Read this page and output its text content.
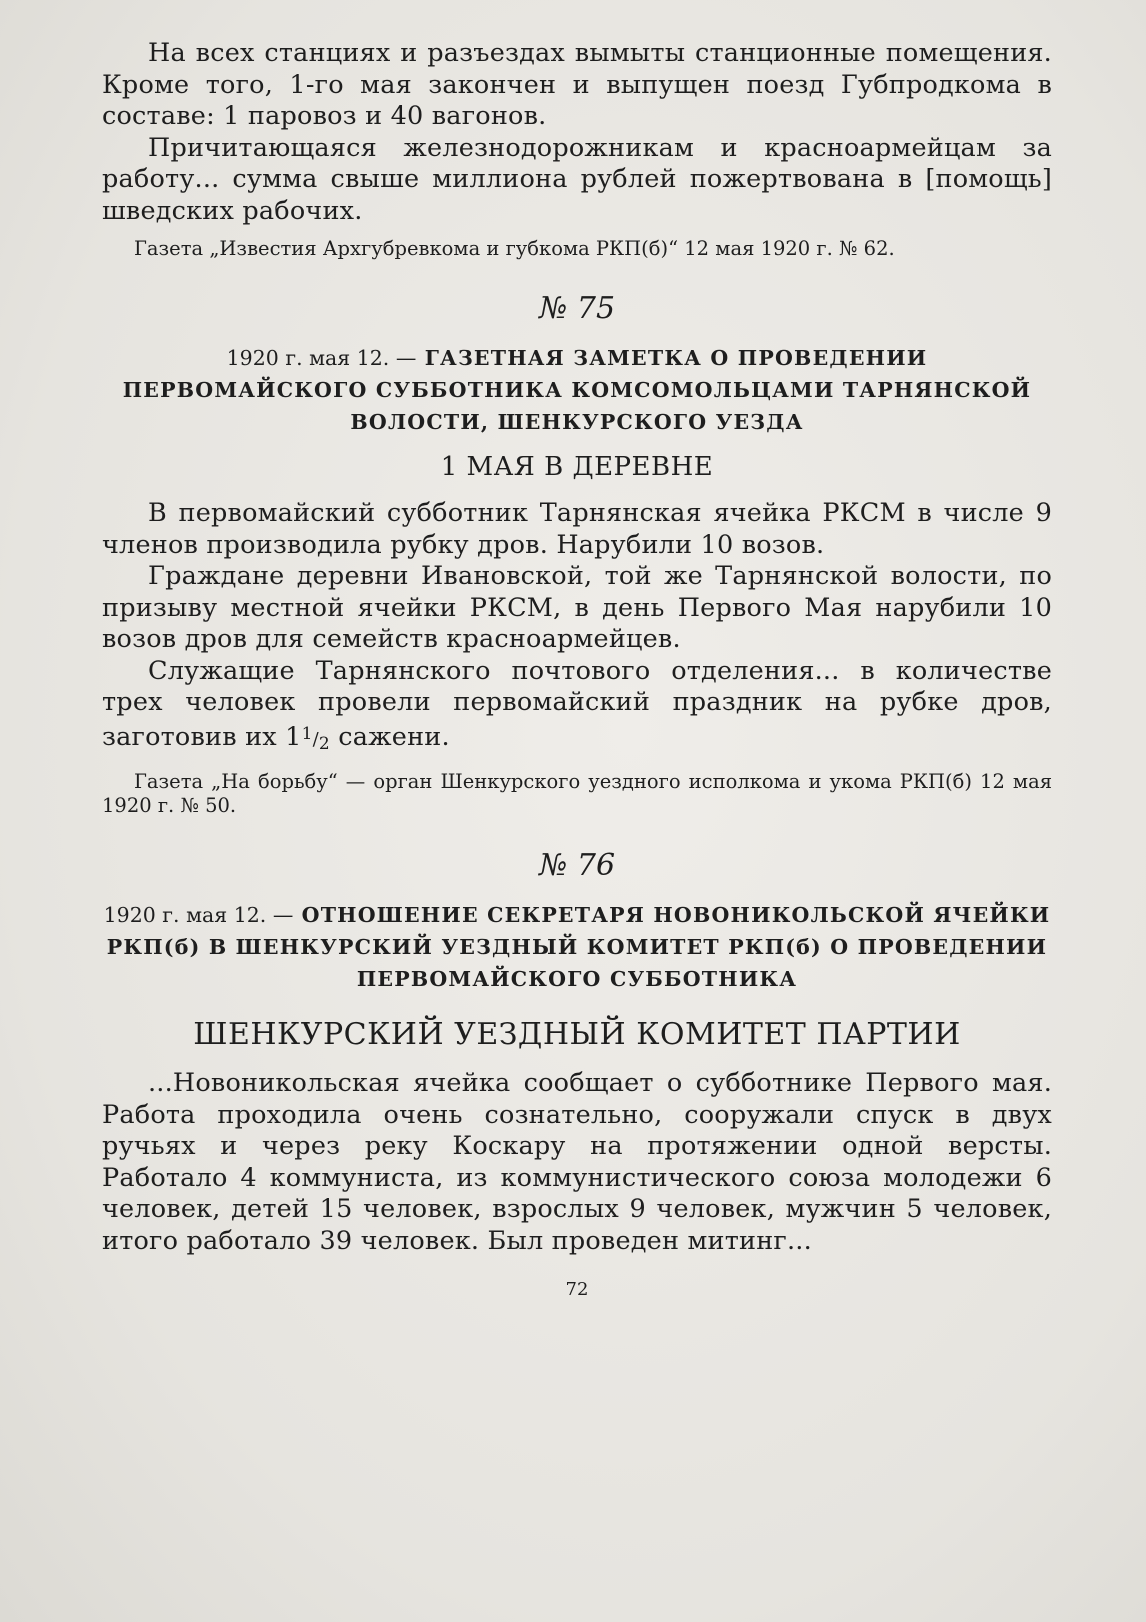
На всех станциях и разъездах вымыты станционные помещения. Кроме того, 1-го мая закончен и выпущен поезд Губпродкома в составе: 1 паровоз и 40 вагонов.

Причитающаяся железнодорожникам и красноармейцам за работу... сумма свыше миллиона рублей пожертвована в [помощь] шведских рабочих.

Газета „Известия Архгубревкома и губкома РКП(б)“ 12 мая 1920 г. № 62.

№ 75
1920 г. мая 12. — ГАЗЕТНАЯ ЗАМЕТКА О ПРОВЕДЕНИИ ПЕРВОМАЙСКОГО СУББОТНИКА КОМСОМОЛЬЦАМИ ТАРНЯНСКОЙ ВОЛОСТИ, ШЕНКУРСКОГО УЕЗДА
1 МАЯ В ДЕРЕВНЕ

В первомайский субботник Тарнянская ячейка РКСМ в числе 9 членов производила рубку дров. Нарубили 10 возов.

Граждане деревни Ивановской, той же Тарнянской волости, по призыву местной ячейки РКСМ, в день Первого Мая нарубили 10 возов дров для семейств красноармейцев.

Служащие Тарнянского почтового отделения... в количестве трех человек провели первомайский праздник на рубке дров, заготовив их $1^1/2$ сажени.

Газета „На борьбу“ — орган Шенкурского уездного исполкома и укома РКП(б) 12 мая 1920 г. № 50.

№ 76
1920 г. мая 12. — ОТНОШЕНИЕ СЕКРЕТАРЯ НОВОНИКОЛЬСКОЙ ЯЧЕЙКИ РКП(б) В ШЕНКУРСКИЙ УЕЗДНЫЙ КОМИТЕТ РКП(б) О ПРОВЕДЕНИИ ПЕРВОМАЙСКОГО СУББОТНИКА
ШЕНКУРСКИЙ УЕЗДНЫЙ КОМИТЕТ ПАРТИИ

...Новоникольская ячейка сообщает о субботнике Первого мая. Работа проходила очень сознательно, сооружали спуск в двух ручьях и через реку Коскару на протяжении одной версты. Работало 4 коммуниста, из коммунистического союза молодежи 6 человек, детей 15 человек, взрослых 9 человек, мужчин 5 человек, итого работало 39 человек. Был проведен митинг...

72
